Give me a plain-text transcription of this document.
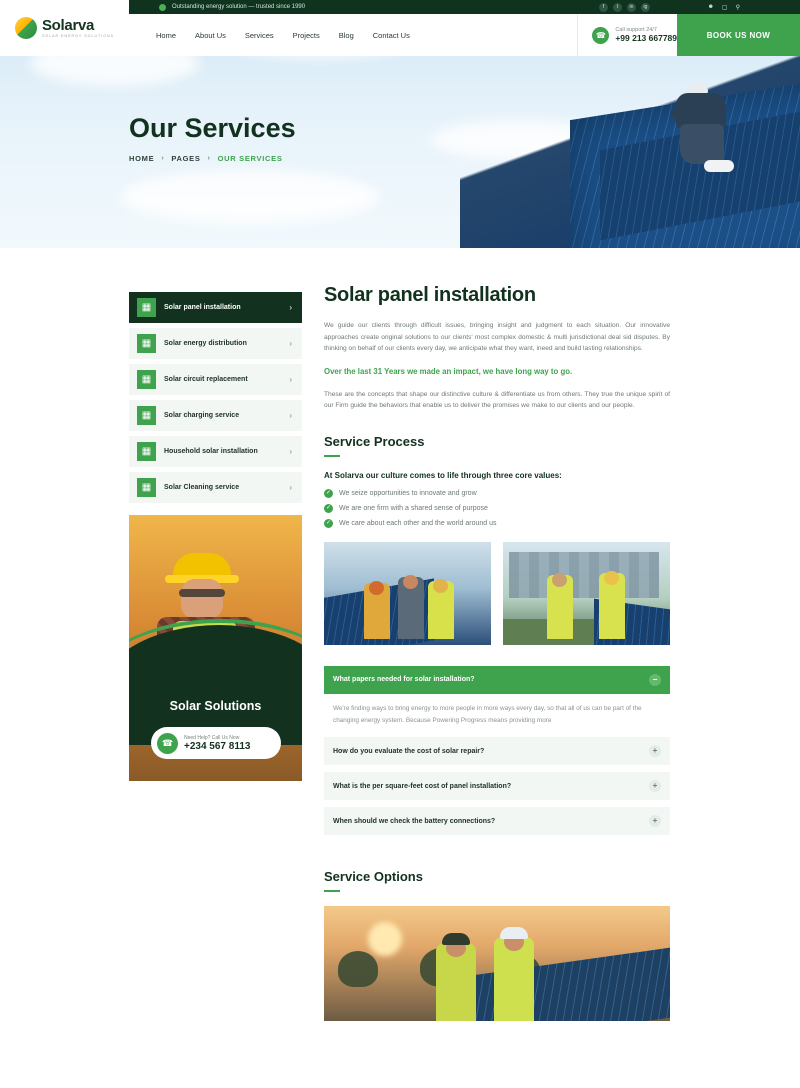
Our Services
HOME › PAGES › OUR SERVICES
Outstanding energy solution — trusted since 1990	f	t	in	ig	☻ ▢ ⚲
Solarva
SOLAR ENERGY SOLUTIONS	Home	About Us	Services	Projects	Blog	Contact Us	☎
Call support 24/7
+99 213 667789	BOOK US NOW
▦	Solar panel installation	›
▦	Solar energy distribution	›
▦	Solar circuit replacement	›
▦	Solar charging service	›
▦	Household solar installation	›
▦	Solar Cleaning service	›
Solar Solutions
☎	Need Help? Call Us Now
+234 567 8113
Solar panel installation
We guide our clients through difficult issues, bringing insight and judgment to each situation. Our innovative approaches create original solutions to our clients' most complex domestic & multi jurisdictional deal sid disputes. By thinking on behalf of our clients every day, we anticipate what they want, ineed and build lasting relationships.
Over the last 31 Years we made an impact, we have long way to go.
These are the concepts that shape our distinctive culture & differentiate us from others. They true the unique spirit of our Firm guide the behaviors that enable us to deliver the promises we make to our clients and our people.
Service Process
At Solarva our culture comes to life through three core values:
✓ We seize opportunities to innovate and grow
✓ We are one firm with a shared sense of purpose
✓ We care about each other and the world around us
What papers needed for solar installation?	−
We're finding ways to bring energy to more people in more ways every day, so that all of us can be part of the changing energy system. Because Powering Progress means providing more
How do you evaluate the cost of solar repair?	+
What is the per square-feet cost of panel installation?	+
When should we check the battery connections?	+
Service Options
